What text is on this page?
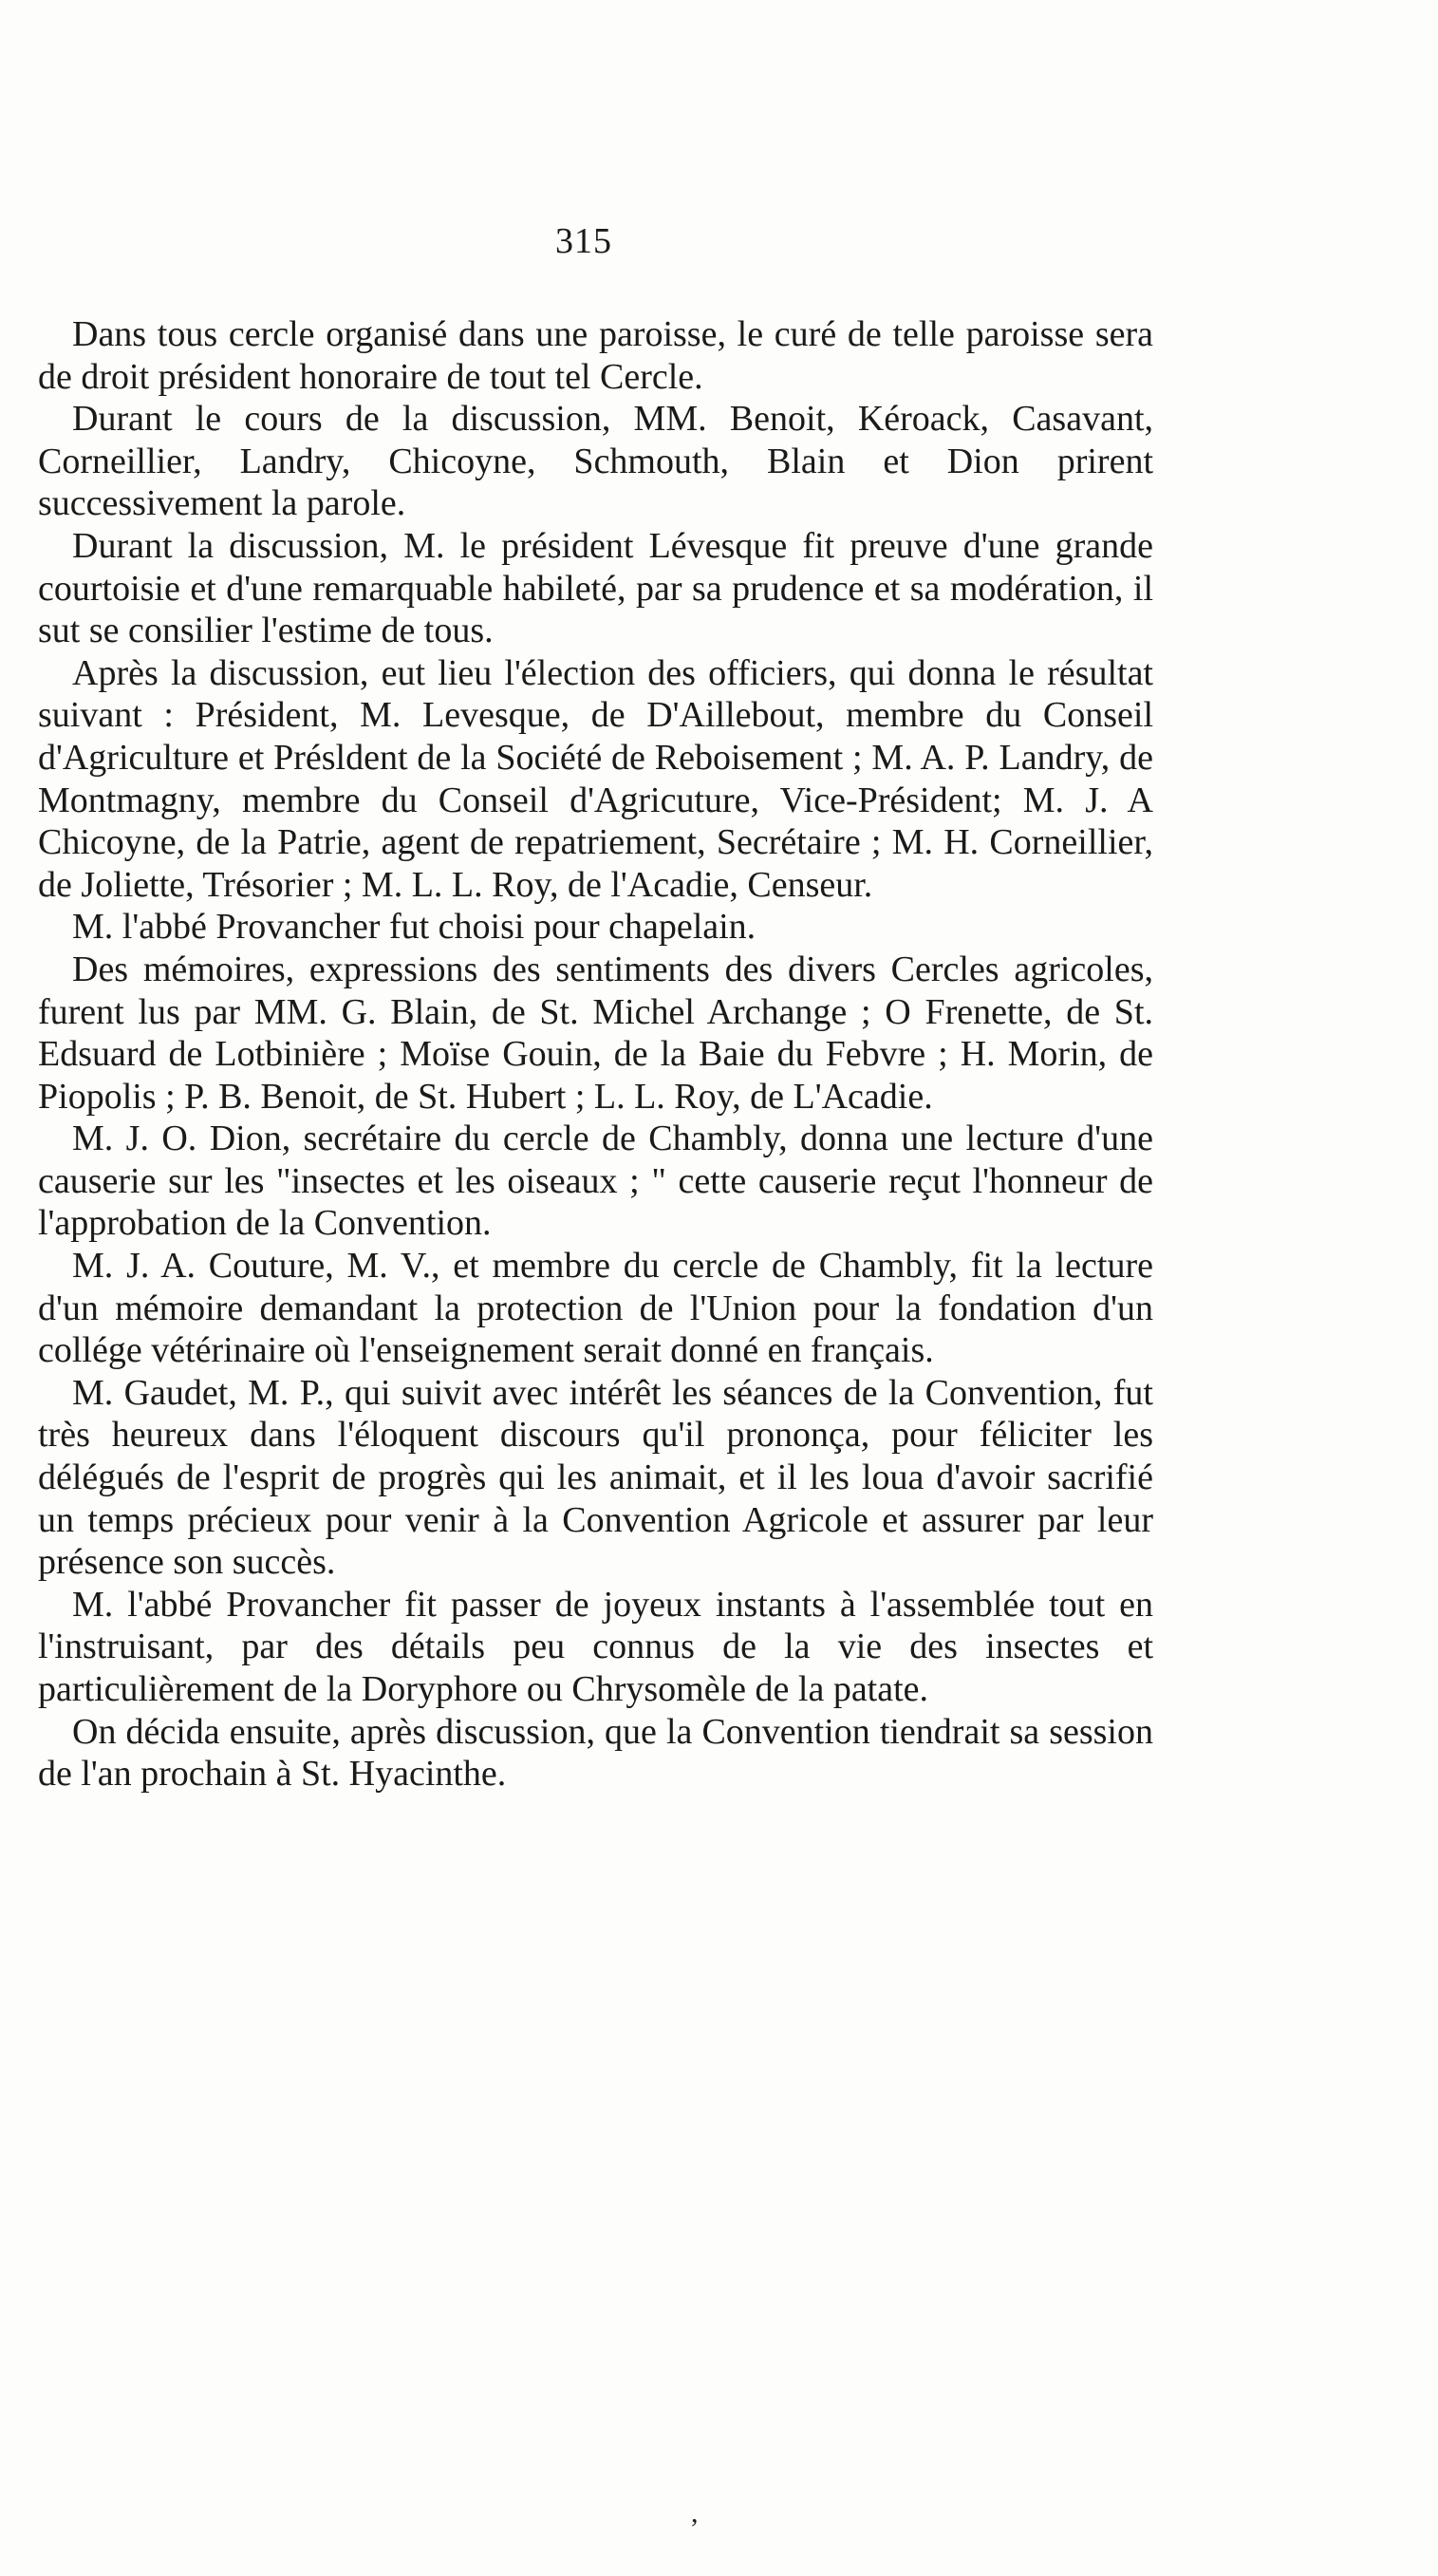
315

Dans tous cercle organisé dans une paroisse, le curé de telle paroisse sera de droit président honoraire de tout tel Cercle.

Durant le cours de la discussion, MM. Benoit, Kéroack, Casavant, Corneillier, Landry, Chicoyne, Schmouth, Blain et Dion prirent successivement la parole.

Durant la discussion, M. le président Lévesque fit preuve d'une grande courtoisie et d'une remarquable habileté, par sa prudence et sa modération, il sut se consilier l'estime de tous.

Après la discussion, eut lieu l'élection des officiers, qui donna le résultat suivant : Président, M. Levesque, de D'Aillebout, membre du Conseil d'Agriculture et Présldent de la Société de Reboisement ; M. A. P. Landry, de Montmagny, membre du Conseil d'Agricuture, Vice-Président; M. J. A Chicoyne, de la Patrie, agent de repatriement, Secrétaire ; M. H. Corneillier, de Joliette, Trésorier ; M. L. L. Roy, de l'Acadie, Censeur.

M. l'abbé Provancher fut choisi pour chapelain.

Des mémoires, expressions des sentiments des divers Cercles agricoles, furent lus par MM. G. Blain, de St. Michel Archange ; O Frenette, de St. Edsuard de Lotbinière ; Moïse Gouin, de la Baie du Febvre ; H. Morin, de Piopolis ; P. B. Benoit, de St. Hubert ; L. L. Roy, de L'Acadie.

M. J. O. Dion, secrétaire du cercle de Chambly, donna une lecture d'une causerie sur les "insectes et les oiseaux ; " cette causerie reçut l'honneur de l'approbation de la Convention.

M. J. A. Couture, M. V., et membre du cercle de Chambly, fit la lecture d'un mémoire demandant la protection de l'Union pour la fondation d'un collége vétérinaire où l'enseignement serait donné en français.

M. Gaudet, M. P., qui suivit avec intérêt les séances de la Convention, fut très heureux dans l'éloquent discours qu'il prononça, pour féliciter les délégués de l'esprit de progrès qui les animait, et il les loua d'avoir sacrifié un temps précieux pour venir à la Convention Agricole et assurer par leur présence son succès.

M. l'abbé Provancher fit passer de joyeux instants à l'assemblée tout en l'instruisant, par des détails peu connus de la vie des insectes et particulièrement de la Doryphore ou Chrysomèle de la patate.

On décida ensuite, après discussion, que la Convention tiendrait sa session de l'an prochain à St. Hyacinthe.

,
